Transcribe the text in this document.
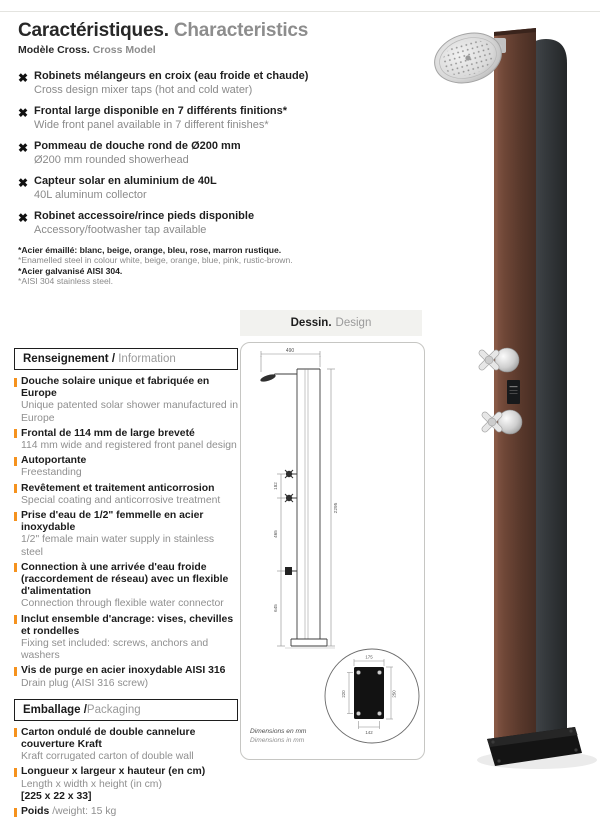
Caractéristiques. Characteristics
Modèle Cross. Cross Model
✖ Robinets mélangeurs en croix (eau froide et chaude)
Cross design mixer taps (hot and cold water)
✖ Frontal large disponible en 7 différents finitions*
Wide front panel available in 7 different finishes*
✖ Pommeau de douche rond de Ø200 mm
Ø200 mm rounded showerhead
✖ Capteur solar en aluminium de 40L
40L aluminum collector
✖ Robinet accessoire/rince pieds disponible
Accessory/footwasher tap available
*Acier émaillé: blanc, beige, orange, bleu, rose, marron rustique.
*Enamelled steel in colour white, beige, orange, blue, pink, rustic-brown.
*Acier galvanisé AISI 304.
*AISI 304 stainless steel.
Dessin. Design
490
182
465
645
2295
175
250
220
142
Dimensions en mm
Dimensions in mm
Renseignement / Information
Douche solaire unique et fabriquée en Europe
Unique patented solar shower manufactured in Europe
Frontal de 114 mm de large breveté
114 mm wide and registered front panel design
Autoportante
Freestanding
Revêtement et traitement anticorrosion
Special coating and anticorrosive treatment
Prise d'eau de 1/2" femmelle en acier inoxydable
1/2" female main water supply in stainless steel
Connection à une arrivée d'eau froide (raccordement de réseau) avec un flexible d'alimentation
Connection through flexible water connector
Inclut ensemble d'ancrage: vises, chevilles et rondelles
Fixing set included: screws, anchors and washers
Vis de purge en acier inoxydable AISI 316
Drain plug (AISI 316 screw)
Emballage /Packaging
Carton ondulé de double cannelure couverture Kraft
Kraft corrugated carton of double wall
Longueur x largeur x hauteur (en cm)
Length x width x height (in cm)
[225 x 22 x 33]
Poids /weight: 15 kg
